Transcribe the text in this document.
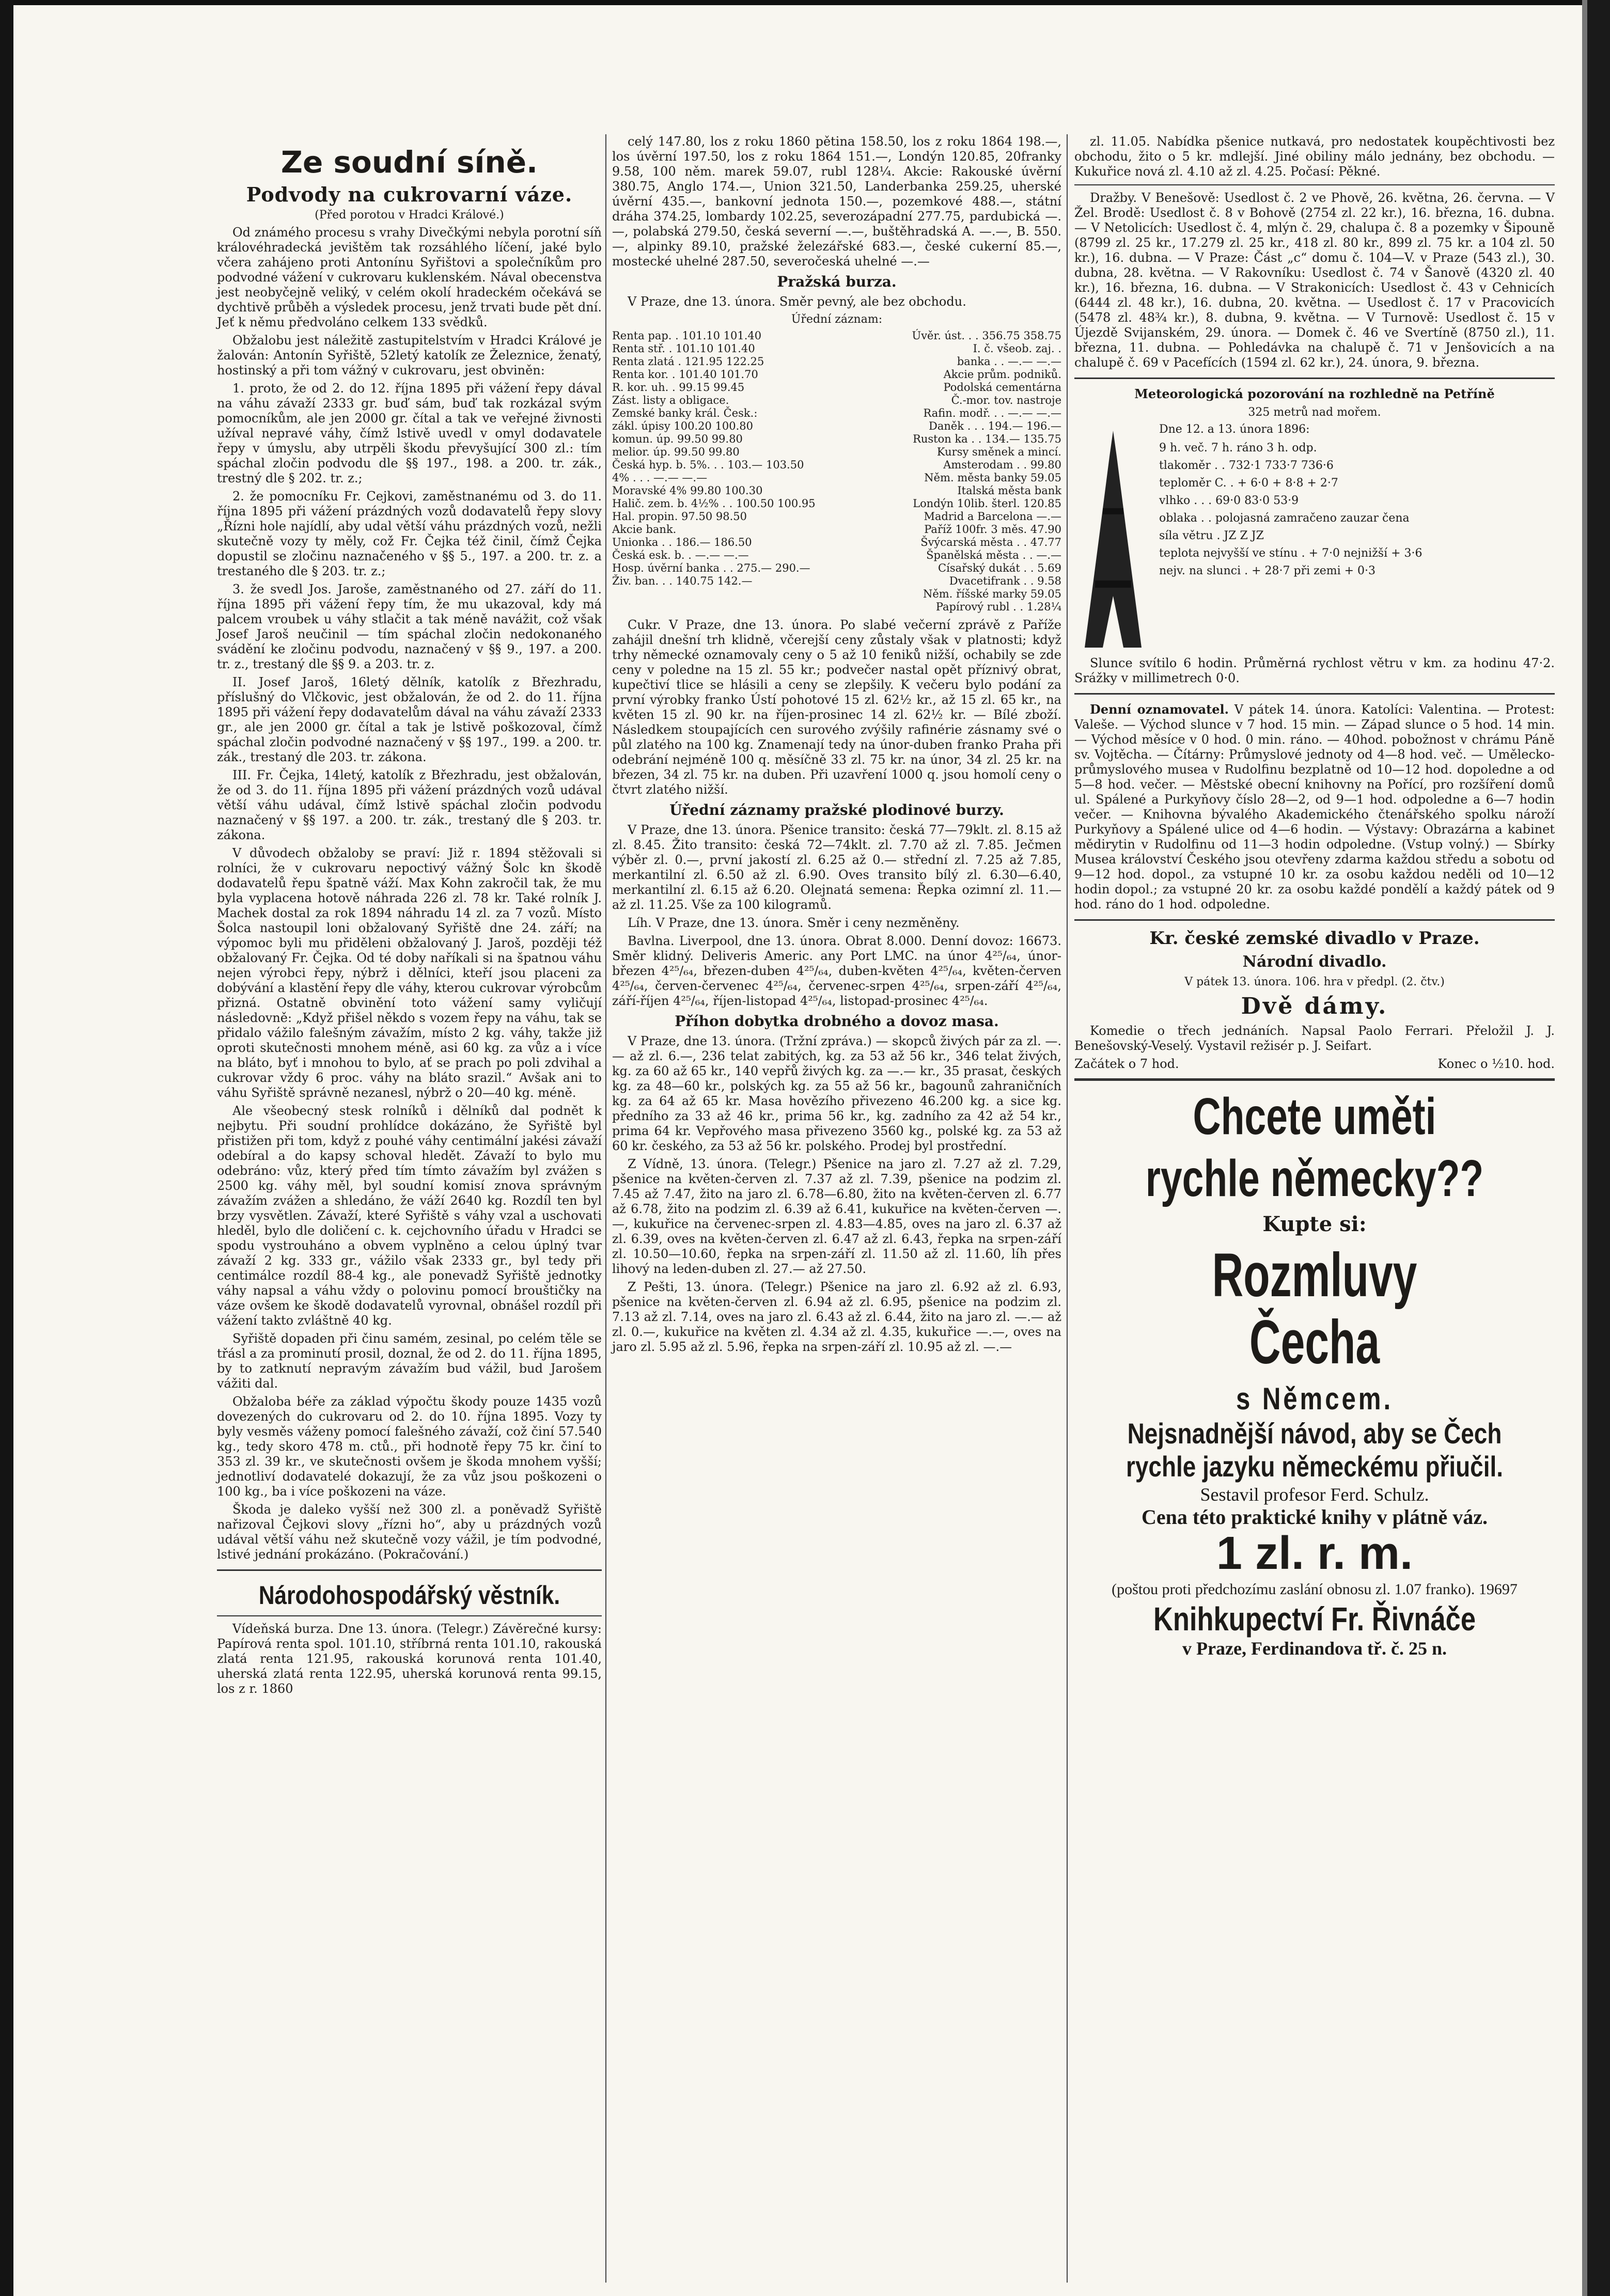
Ze soudní síně.
Podvody na cukrovarní váze.
(Před porotou v Hradci Králové.)

Od známého procesu s vrahy Divečkými nebyla porotní síň královéhradecká jevištěm tak rozsáhlého líčení, jaké bylo včera zahájeno proti Antonínu Syřištovi a společníkům pro podvodné vážení v cukrovaru kuklenském. Nával obecenstva jest neobyčejně veliký, v celém okolí hradeckém očekává se dychtivě průběh a výsledek procesu, jenž trvati bude pět dní. Jeť k němu předvoláno celkem 133 svědků.

Obžalobu jest náležitě zastupitelstvím v Hradci Králové je žalován: Antonín Syřiště, 52letý katolík ze Železnice, ženatý, hostinský a při tom vážný v cukrovaru, jest obviněn:

1. proto, že od 2. do 12. října 1895 při vážení řepy dával na váhu závaží 2333 gr. buď sám, buď tak rozkázal svým pomocníkům, ale jen 2000 gr. čítal a tak ve veřejné živnosti užíval nepravé váhy, čímž lstivě uvedl v omyl dodavatele řepy v úmyslu, aby utrpěli škodu převyšující 300 zl.: tím spáchal zločin podvodu dle §§ 197., 198. a 200. tr. zák., trestný dle § 202. tr. z.;

2. že pomocníku Fr. Cejkovi, zaměstnanému od 3. do 11. října 1895 při vážení prázdných vozů dodavatelů řepy slovy „Řízni hole najídlí, aby udal větší váhu prázdných vozů, nežli skutečně vozy ty měly, což Fr. Čejka též činil, čímž Čejka dopustil se zločinu naznačeného v §§ 5., 197. a 200. tr. z. a trestaného dle § 203. tr. z.;

3. že svedl Jos. Jaroše, zaměstnaného od 27. září do 11. října 1895 při vážení řepy tím, že mu ukazoval, kdy má palcem vroubek u váhy stlačit a tak méně navážit, což však Josef Jaroš neučinil — tím spáchal zločin nedokonaného svádění ke zločinu podvodu, naznačený v §§ 9., 197. a 200. tr. z., trestaný dle §§ 9. a 203. tr. z.

II. Josef Jaroš, 16letý dělník, katolík z Březhradu, příslušný do Vlčkovic, jest obžalován, že od 2. do 11. října 1895 při vážení řepy dodavatelům dával na váhu závaží 2333 gr., ale jen 2000 gr. čítal a tak je lstivě poškozoval, čímž spáchal zločin podvodné naznačený v §§ 197., 199. a 200. tr. zák., trestaný dle 203. tr. zákona.

III. Fr. Čejka, 14letý, katolík z Březhradu, jest obžalován, že od 3. do 11. října 1895 při vážení prázdných vozů udával větší váhu udával, čímž lstivě spáchal zločin podvodu naznačený v §§ 197. a 200. tr. zák., trestaný dle § 203. tr. zákona.

V důvodech obžaloby se praví: Již r. 1894 stěžovali si rolníci, že v cukrovaru nepoctivý vážný Šolc kn škodě dodavatelů řepu špatně váží. Max Kohn zakročil tak, že mu byla vyplacena hotově náhrada 226 zl. 78 kr. Také rolník J. Machek dostal za rok 1894 náhradu 14 zl. za 7 vozů. Místo Šolca nastoupil loni obžalovaný Syřiště dne 24. září; na výpomoc byli mu přiděleni obžalovaný J. Jaroš, později též obžalovaný Fr. Čejka. Od té doby naříkali si na špatnou váhu nejen výrobci řepy, nýbrž i dělníci, kteří jsou placeni za dobývání a klastění řepy dle váhy, kterou cukrovar výrobcům přizná. Ostatně obvinění toto vážení samy vyličují následovně: „Když přišel někdo s vozem řepy na váhu, tak se přidalo vážilo falešným závažím, místo 2 kg. váhy, takže již oproti skutečnosti mnohem méně, asi 60 kg. za vůz a i více na bláto, byť i mnohou to bylo, ať se prach po poli zdvihal a cukrovar vždy 6 proc. váhy na bláto srazil.“ Avšak ani to váhu Syřiště správně nezanesl, nýbrž o 20—40 kg. méně.

Ale všeobecný stesk rolníků i dělníků dal podnět k nejbytu. Při soudní prohlídce dokázáno, že Syřiště byl přistižen při tom, když z pouhé váhy centimální jakési závaží odebíral a do kapsy schoval hledět. Závaží to bylo mu odebráno: vůz, který před tím tímto závažím byl zvážen s 2500 kg. váhy měl, byl soudní komisí znova správným závažím zvážen a shledáno, že váží 2640 kg. Rozdíl ten byl brzy vysvětlen. Závaží, které Syřiště s váhy vzal a uschovati hleděl, bylo dle doličení c. k. cejchovního úřadu v Hradci se spodu vystrouháno a obvem vyplněno a celou úplný tvar závaží 2 kg. 333 gr., vážilo však 2333 gr., byl tedy při centimálce rozdíl 88-4 kg., ale ponevadž Syřiště jednotky váhy napsal a váhu vždy o polovinu pomocí brouštičky na váze ovšem ke škodě dodavatelů vyrovnal, obnášel rozdíl při vážení takto zvláštně 40 kg.

Syřiště dopaden při činu samém, zesinal, po celém těle se třásl a za prominutí prosil, doznal, že od 2. do 11. října 1895, by to zatknutí nepravým závažím bud vážil, bud Jarošem vážiti dal.

Obžaloba béře za základ výpočtu škody pouze 1435 vozů dovezených do cukrovaru od 2. do 10. října 1895. Vozy ty byly vesměs váženy pomocí falešného závaží, což činí 57.540 kg., tedy skoro 478 m. ctů., při hodnotě řepy 75 kr. činí to 353 zl. 39 kr., ve skutečnosti ovšem je škoda mnohem vyšší; jednotliví dodavatelé dokazují, že za vůz jsou poškozeni o 100 kg., ba i více poškozeni na váze.

Škoda je daleko vyšší než 300 zl. a poněvadž Syřiště nařizoval Čejkovi slovy „řízni ho“, aby u prázdných vozů udával větší váhu než skutečně vozy vážil, je tím podvodné, lstivé jednání prokázáno. (Pokračování.)

Národohospodářský věstník.

Vídeňská burza. Dne 13. února. (Telegr.) Závěrečné kursy: Papírová renta spol. 101.10, stříbrná renta 101.10, rakouská zlatá renta 121.95, rakouská korunová renta 101.40, uherská zlatá renta 122.95, uherská korunová renta 99.15, los z r. 1860

celý 147.80, los z roku 1860 pětina 158.50, los z roku 1864 198.—, los úvěrní 197.50, los z roku 1864 151.—, Londýn 120.85, 20franky 9.58, 100 něm. marek 59.07, rubl 128¼. Akcie: Rakouské úvěrní 380.75, Anglo 174.—, Union 321.50, Landerbanka 259.25, uherské úvěrní 435.—, bankovní jednota 150.—, pozemkové 488.—, státní dráha 374.25, lombardy 102.25, severozápadní 277.75, pardubická —.—, polabská 279.50, česká severní —.—, buštěhradská A. —.—, B. 550.—, alpinky 89.10, pražské železářské 683.—, české cukerní 85.—, mostecké uhelné 287.50, severočeská uhelné —.—

Pražská burza.

V Praze, dne 13. února. Směr pevný, ale bez obchodu.

Úřední záznam:
Renta pap. . 101.10 101.40	Úvěr. úst. . . 356.75 358.75
Renta stř. . 101.10 101.40	I. č. všeob. zaj. .
Renta zlatá . 121.95 122.25	banka . . —.— —.—
Renta kor. . 101.40 101.70	Akcie prům. podniků.
R. kor. uh. . 99.15 99.45	Podolská cementárna
Zást. listy a obligace.	Č.-mor. tov. nastroje
Zemské banky král. Česk.:	Rafin. modř. . . —.— —.—
zákl. úpisy 100.20 100.80	Daněk . . . 194.— 196.—
komun. úp. 99.50 99.80	Ruston ka . . 134.— 135.75
melior. úp. 99.50 99.80	Kursy směnek a mincí.
Česká hyp. b. 5%. . . 103.— 103.50	Amsterodam . . 99.80
4% . . . —.— —.—	Něm. města banky 59.05
Moravské 4% 99.80 100.30	Italská města bank
Halič. zem. b. 4½% . . 100.50 100.95	Londýn 10lib. šterl. 120.85
Hal. propin. 97.50 98.50	Madrid a Barcelona —.—
Akcie bank.	Paříž 100fr. 3 měs. 47.90
Unionka . . 186.— 186.50	Švýcarská města . . 47.77
Česká esk. b. . —.— —.—	Španělská města . . —.—
Hosp. úvěrní banka . . 275.— 290.—	Císařský dukát . . 5.69
Živ. ban. . . 140.75 142.—	Dvacetifrank . . 9.58
Něm. říšské marky 59.05
Papírový rubl . . 1.28¼

Cukr. V Praze, dne 13. února. Po slabé večerní zprávě z Paříže zahájil dnešní trh klidně, včerejší ceny zůstaly však v platnosti; když trhy německé oznamovaly ceny o 5 až 10 feniků nižší, ochabily se zde ceny v poledne na 15 zl. 55 kr.; podvečer nastal opět příznivý obrat, kupečtiví tlice se hlásili a ceny se zlepšily. K večeru bylo podání za první výrobky franko Ústí pohotové 15 zl. 62½ kr., až 15 zl. 65 kr., na květen 15 zl. 90 kr. na říjen-prosinec 14 zl. 62½ kr. — Bílé zboží. Následkem stoupajících cen surového zvýšily rafinérie zásnamy své o půl zlatého na 100 kg. Znamenají tedy na únor-duben franko Praha při odebrání nejméně 100 q. měsíčně 33 zl. 75 kr. na únor, 34 zl. 25 kr. na březen, 34 zl. 75 kr. na duben. Při uzavření 1000 q. jsou homolí ceny o čtvrt zlatého nižší.

Úřední záznamy pražské plodinové burzy.

V Praze, dne 13. února. Pšenice transito: česká 77—79klt. zl. 8.15 až zl. 8.45. Žito transito: česká 72—74klt. zl. 7.70 až zl. 7.85. Ječmen výběr zl. 0.—, první jakostí zl. 6.25 až 0.— střední zl. 7.25 až 7.85, merkantilní zl. 6.50 až zl. 6.90. Oves transito bílý zl. 6.30—6.40, merkantilní zl. 6.15 až 6.20. Olejnatá semena: Řepka ozimní zl. 11.— až zl. 11.25. Vše za 100 kilogramů.

Líh. V Praze, dne 13. února. Směr i ceny nezměněny.

Bavlna. Liverpool, dne 13. února. Obrat 8.000. Denní dovoz: 16673. Směr klidný. Deliveris Americ. any Port LMC. na únor 4²⁵/₆₄, únor-březen 4²⁵/₆₄, březen-duben 4²⁵/₆₄, duben-květen 4²⁵/₆₄, květen-červen 4²⁵/₆₄, červen-červenec 4²⁵/₆₄, červenec-srpen 4²⁵/₆₄, srpen-září 4²⁵/₆₄, září-říjen 4²⁵/₆₄, říjen-listopad 4²⁵/₆₄, listopad-prosinec 4²⁵/₆₄.

Příhon dobytka drobného a dovoz masa.

V Praze, dne 13. února. (Tržní zpráva.) — skopců živých pár za zl. —.— až zl. 6.—, 236 telat zabitých, kg. za 53 až 56 kr., 346 telat živých, kg. za 60 až 65 kr., 140 vepřů živých kg. za —.— kr., 35 prasat, českých kg. za 48—60 kr., polských kg. za 55 až 56 kr., bagounů zahraničních kg. za 64 až 65 kr. Masa hovězího přivezeno 46.200 kg. a sice kg. předního za 33 až 46 kr., prima 56 kr., kg. zadního za 42 až 54 kr., prima 64 kr. Vepřového masa přivezeno 3560 kg., polské kg. za 53 až 60 kr. českého, za 53 až 56 kr. polského. Prodej byl prostřední.

Z Vídně, 13. února. (Telegr.) Pšenice na jaro zl. 7.27 až zl. 7.29, pšenice na květen-červen zl. 7.37 až zl. 7.39, pšenice na podzim zl. 7.45 až 7.47, žito na jaro zl. 6.78—6.80, žito na květen-červen zl. 6.77 až 6.78, žito na podzim zl. 6.39 až 6.41, kukuřice na květen-červen —.—, kukuřice na červenec-srpen zl. 4.83—4.85, oves na jaro zl. 6.37 až zl. 6.39, oves na květen-červen zl. 6.47 až zl. 6.43, řepka na srpen-září zl. 10.50—10.60, řepka na srpen-září zl. 11.50 až zl. 11.60, líh přes lihový na leden-duben zl. 27.— až 27.50.

Z Pešti, 13. února. (Telegr.) Pšenice na jaro zl. 6.92 až zl. 6.93, pšenice na květen-červen zl. 6.94 až zl. 6.95, pšenice na podzim zl. 7.13 až zl. 7.14, oves na jaro zl. 6.43 až zl. 6.44, žito na jaro zl. —.— až zl. 0.—, kukuřice na květen zl. 4.34 až zl. 4.35, kukuřice —.—, oves na jaro zl. 5.95 až zl. 5.96, řepka na srpen-září zl. 10.95 až zl. —.—

zl. 11.05. Nabídka pšenice nutkavá, pro nedostatek koupěchtivosti bez obchodu, žito o 5 kr. mdlejší. Jiné obiliny málo jednány, bez obchodu. — Kukuřice nová zl. 4.10 až zl. 4.25. Počasí: Pěkné.

Dražby. V Benešově: Usedlost č. 2 ve Phově, 26. května, 26. června. — V Žel. Brodě: Usedlost č. 8 v Bohově (2754 zl. 22 kr.), 16. března, 16. dubna. — V Netolicích: Usedlost č. 4, mlýn č. 29, chalupa č. 8 a pozemky v Šipouně (8799 zl. 25 kr., 17.279 zl. 25 kr., 418 zl. 80 kr., 899 zl. 75 kr. a 104 zl. 50 kr.), 16. dubna. — V Praze: Část „c“ domu č. 104—V. v Praze (543 zl.), 30. dubna, 28. května. — V Rakovníku: Usedlost č. 74 v Šanově (4320 zl. 40 kr.), 16. března, 16. dubna. — V Strakonicích: Usedlost č. 43 v Cehnicích (6444 zl. 48 kr.), 16. dubna, 20. května. — Usedlost č. 17 v Pracovicích (5478 zl. 48¾ kr.), 8. dubna, 9. května. — V Turnově: Usedlost č. 15 v Újezdě Svijanském, 29. února. — Domek č. 46 ve Svertíně (8750 zl.), 11. března, 11. dubna. — Pohledávka na chalupě č. 71 v Jenšovicích a na chalupě č. 69 v Pacefících (1594 zl. 62 kr.), 24. února, 9. března.

Meteorologická pozorování na rozhledně na Petříně
325 metrů nad mořem.
Dne 12. a 13. února 1896:
9 h. več. 7 h. ráno 3 h. odp.
tlakoměr . . 732·1 733·7 736·6
teploměr C. . + 6·0 + 8·8 + 2·7
vlhko . . . 69·0 83·0 53·9
oblaka . . polojasná zamračeno zauzar čena
síla větru . JZ Z JZ
teplota nejvyšší ve stínu . + 7·0 nejnižší + 3·6
nejv. na slunci . + 28·7 při zemi + 0·3

Slunce svítilo 6 hodin. Průměrná rychlost větru v km. za hodinu 47·2. Srážky v millimetrech 0·0.

Denní oznamovatel. V pátek 14. února. Katolíci: Valentina. — Protest: Valeše. — Východ slunce v 7 hod. 15 min. — Západ slunce o 5 hod. 14 min. — Východ měsíce v 0 hod. 0 min. ráno. — 40hod. pobožnost v chrámu Páně sv. Vojtěcha. — Čítárny: Průmyslové jednoty od 4—8 hod. več. — Umělecko-průmyslového musea v Rudolfinu bezplatně od 10—12 hod. dopoledne a od 5—8 hod. večer. — Městské obecní knihovny na Pořící, pro rozšíření domů ul. Spálené a Purkyňovy číslo 28—2, od 9—1 hod. odpoledne a 6—7 hodin večer. — Knihovna bývalého Akademického čtenářského spolku nároží Purkyňovy a Spálené ulice od 4—6 hodin. — Výstavy: Obrazárna a kabinet mědirytin v Rudolfinu od 11—3 hodin odpoledne. (Vstup volný.) — Sbírky Musea království Českého jsou otevřeny zdarma každou středu a sobotu od 9—12 hod. dopol., za vstupné 10 kr. za osobu každou neděli od 10—12 hodin dopol.; za vstupné 20 kr. za osobu každé pondělí a každý pátek od 9 hod. ráno do 1 hod. odpoledne.

Kr. české zemské divadlo v Praze.
Národní divadlo.
V pátek 13. února. 106. hra v předpl. (2. čtv.)
Dvě dámy.

Komedie o třech jednáních. Napsal Paolo Ferrari. Přeložil J. J. Benešovský-Veselý. Vystavil režisér p. J. Seifart.

Začátek o 7 hod.	Konec o ½10. hod.
Chcete uměti
rychle německy??
Kupte si:
Rozmluvy Čecha
s Němcem.
Nejsnadnější návod, aby se Čech rychle jazyku německému přiučil.
Sestavil profesor Ferd. Schulz.
Cena této praktické knihy v plátně váz.
1 zl. r. m.
(poštou proti předchozímu zaslání obnosu zl. 1.07 franko). 19697
Knihkupectví Fr. Řivnáče
v Praze, Ferdinandova tř. č. 25 n.
